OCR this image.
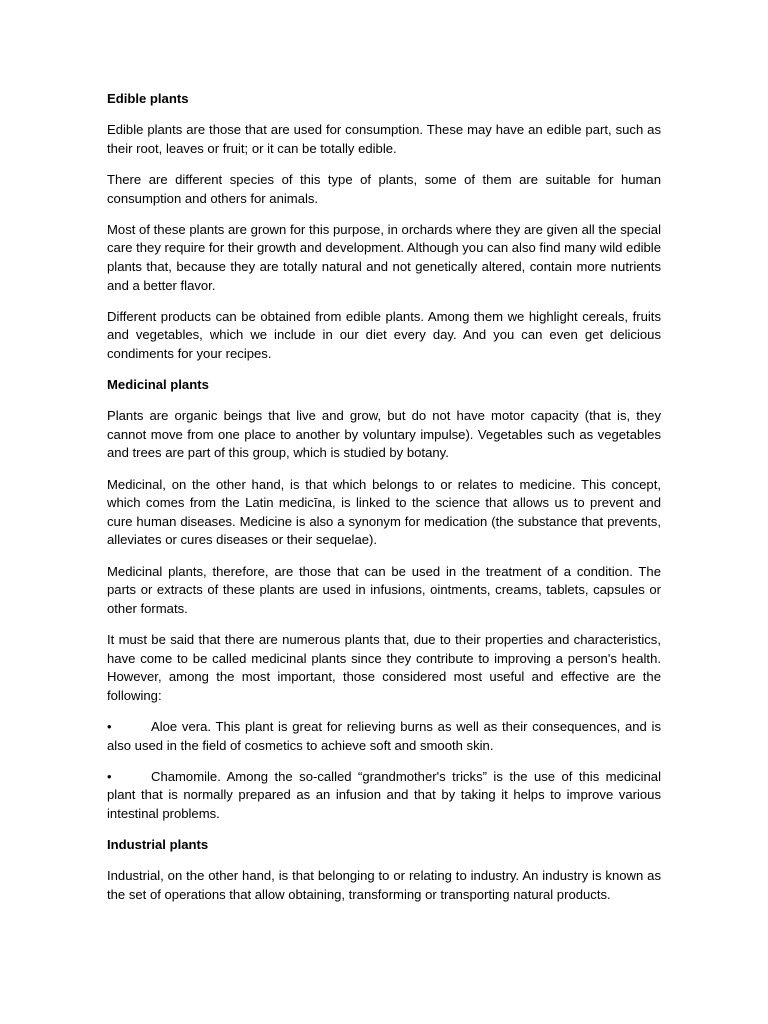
Edible plants

Edible plants are those that are used for consumption. These may have an edible part, such as their root, leaves or fruit; or it can be totally edible.

There are different species of this type of plants, some of them are suitable for human consumption and others for animals.

Most of these plants are grown for this purpose, in orchards where they are given all the special care they require for their growth and development. Although you can also find many wild edible plants that, because they are totally natural and not genetically altered, contain more nutrients and a better flavor.

Different products can be obtained from edible plants. Among them we highlight cereals, fruits and vegetables, which we include in our diet every day. And you can even get delicious condiments for your recipes.

Medicinal plants

Plants are organic beings that live and grow, but do not have motor capacity (that is, they cannot move from one place to another by voluntary impulse). Vegetables such as vegetables and trees are part of this group, which is studied by botany.

Medicinal, on the other hand, is that which belongs to or relates to medicine. This concept, which comes from the Latin medicīna, is linked to the science that allows us to prevent and cure human diseases. Medicine is also a synonym for medication (the substance that prevents, alleviates or cures diseases or their sequelae).

Medicinal plants, therefore, are those that can be used in the treatment of a condition. The parts or extracts of these plants are used in infusions, ointments, creams, tablets, capsules or other formats.

It must be said that there are numerous plants that, due to their properties and characteristics, have come to be called medicinal plants since they contribute to improving a person's health. However, among the most important, those considered most useful and effective are the following:

•	Aloe vera. This plant is great for relieving burns as well as their consequences, and is also used in the field of cosmetics to achieve soft and smooth skin.

•	Chamomile. Among the so-called “grandmother's tricks” is the use of this medicinal plant that is normally prepared as an infusion and that by taking it helps to improve various intestinal problems.

Industrial plants

Industrial, on the other hand, is that belonging to or relating to industry. An industry is known as the set of operations that allow obtaining, transforming or transporting natural products.
